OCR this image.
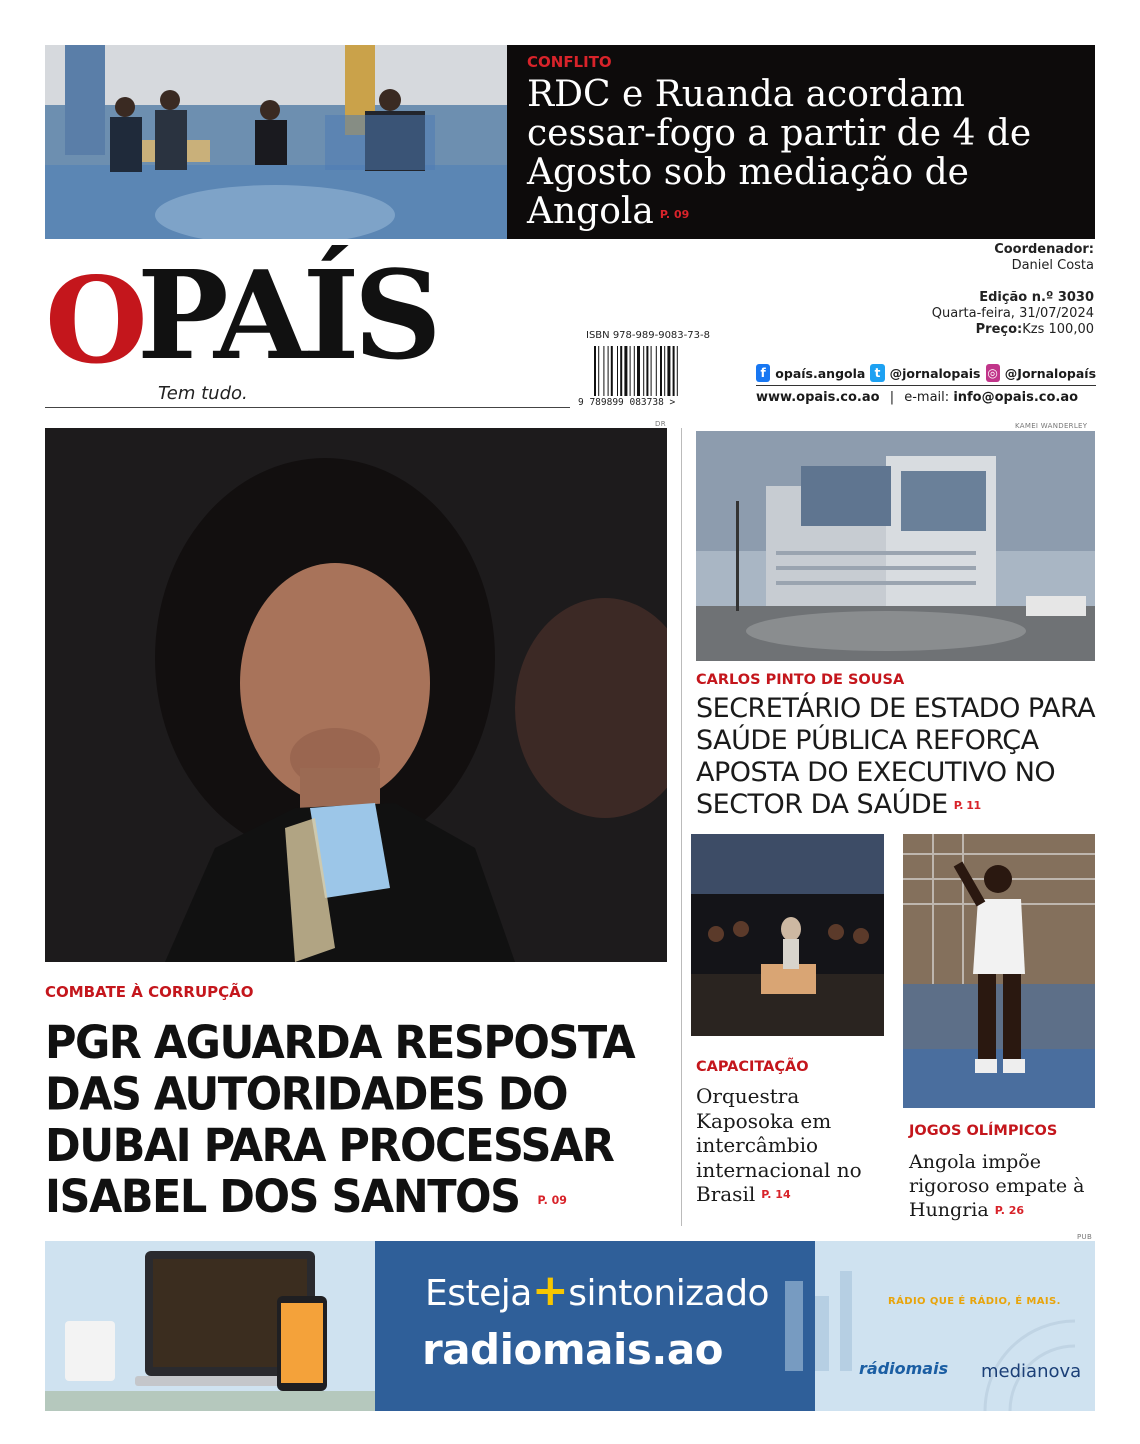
CONFLITO
RDC e Ruanda acordam cessar-fogo a partir de 4 de Agosto sob mediação de Angola P. 09
O
PAÍS
Tem tudo.
ISBN 978-989-9083-73-8
9 789899 083738 >
Coordenador:
Daniel Costa
Edição n.º 3030
Quarta-feira, 31/07/2024
Preço:Kzs 100,00
f opaís.angola t @jornalopais ◎ @Jornalopaís
www.opais.co.ao | e-mail: info@opais.co.ao
DR
COMBATE À CORRUPÇÃO
PGR AGUARDA RESPOSTA DAS AUTORIDADES DO DUBAI PARA PROCESSAR ISABEL DOS SANTOS P. 09
KAMEI WANDERLEY
CARLOS PINTO DE SOUSA
SECRETÁRIO DE ESTADO PARA SAÚDE PÚBLICA REFORÇA APOSTA DO EXECUTIVO NO SECTOR DA SAÚDE P. 11
CAPACITAÇÃO
Orquestra Kaposoka em intercâmbio internacional no Brasil P. 14
JOGOS OLÍMPICOS
Angola impõe rigoroso empate à Hungria P. 26
PUB
Esteja+sintonizado
radiomais.ao
RÁDIO QUE É RÁDIO, É MAIS.
rádiomais medianova
